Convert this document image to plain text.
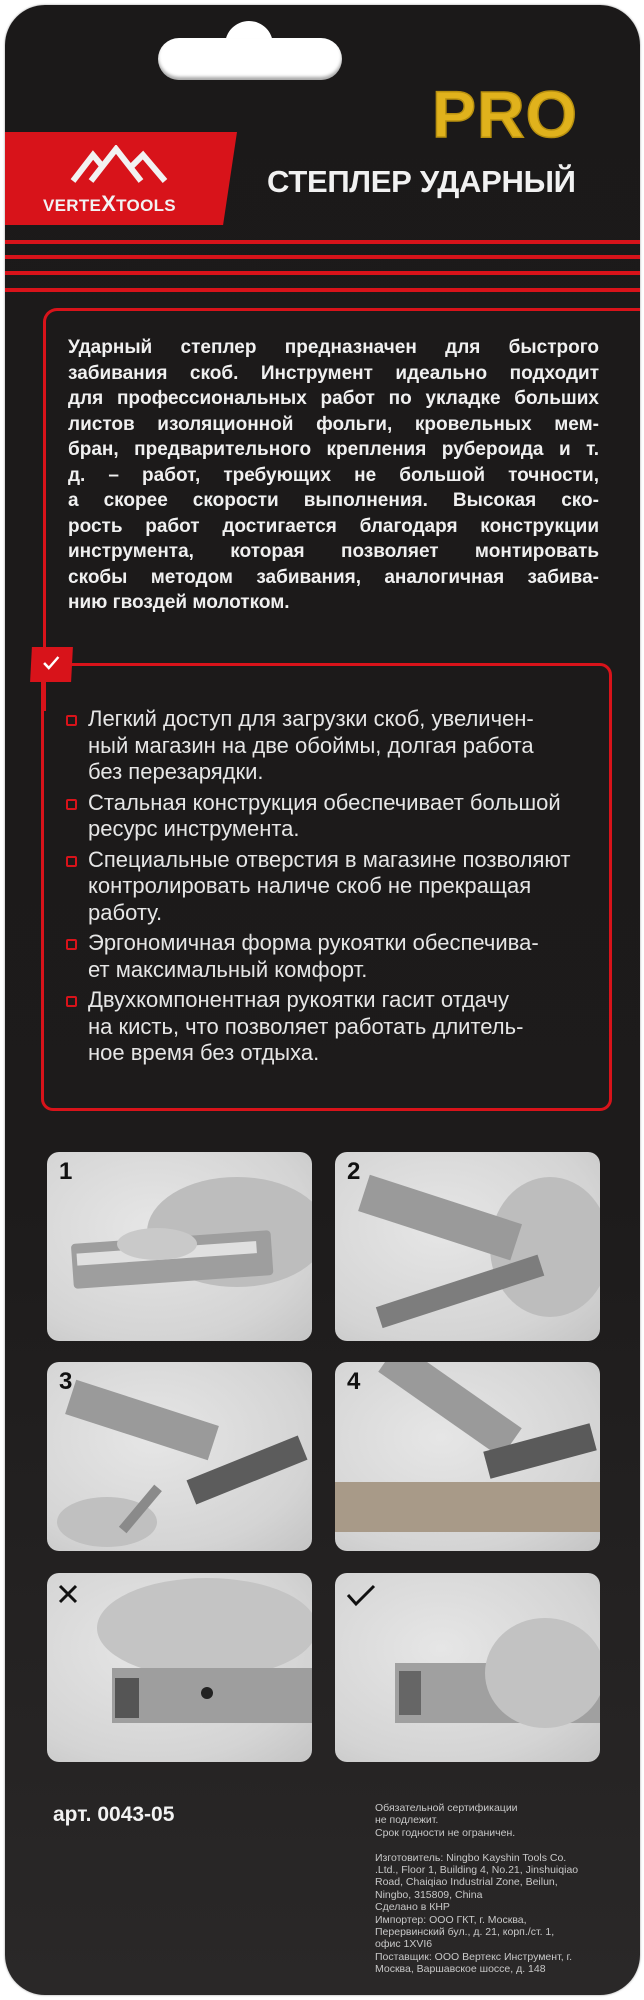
PRO
VERTEXTOOLS
СТЕПЛЕР УДАРНЫЙ
Ударный степлер предназначен для быстрого
забивания скоб. Инструмент идеально подходит
для профессиональных работ по укладке больших
листов изоляционной фольги, кровельных мем-
бран, предварительного крепления рубероида и т.
д. – работ, требующих не большой точности,
а скорее скорости выполнения. Высокая ско-
рость работ достигается благодаря конструкции
инструмента, которая позволяет монтировать
скобы методом забивания, аналогичная забива-
нию гвоздей молотком.
Легкий доступ для загрузки скоб, увеличен-
ный магазин на две обоймы, долгая работа
без перезарядки.
Стальная конструкция обеспечивает большой
ресурс инструмента.
Специальные отверстия в магазине позволяют
контролировать наличе скоб не прекращая
работу.
Эргономичная форма рукоятки обеспечива-
ет максимальный комфорт.
Двухкомпонентная рукоятки гасит отдачу
на кисть, что позволяет работать длитель-
ное время без отдыха.
1	2
3	4
арт. 0043-05	Обязательной сертификации
не подлежит.
Срок годности не ограничен.
Изготовитель: Ningbo Kayshin Tools Co.
.Ltd., Floor 1, Building 4, No.21, Jinshuiqiao
Road, Chaiqiao Industrial Zone, Beilun,
Ningbo, 315809, China
Сделано в КНР
Импортер: ООО ГКТ, г. Москва,
Перервинский бул., д. 21, корп./ст. 1,
офис 1XVI6
Поставщик: ООО Вертекс Инструмент, г.
Москва, Варшавское шоссе, д. 148
